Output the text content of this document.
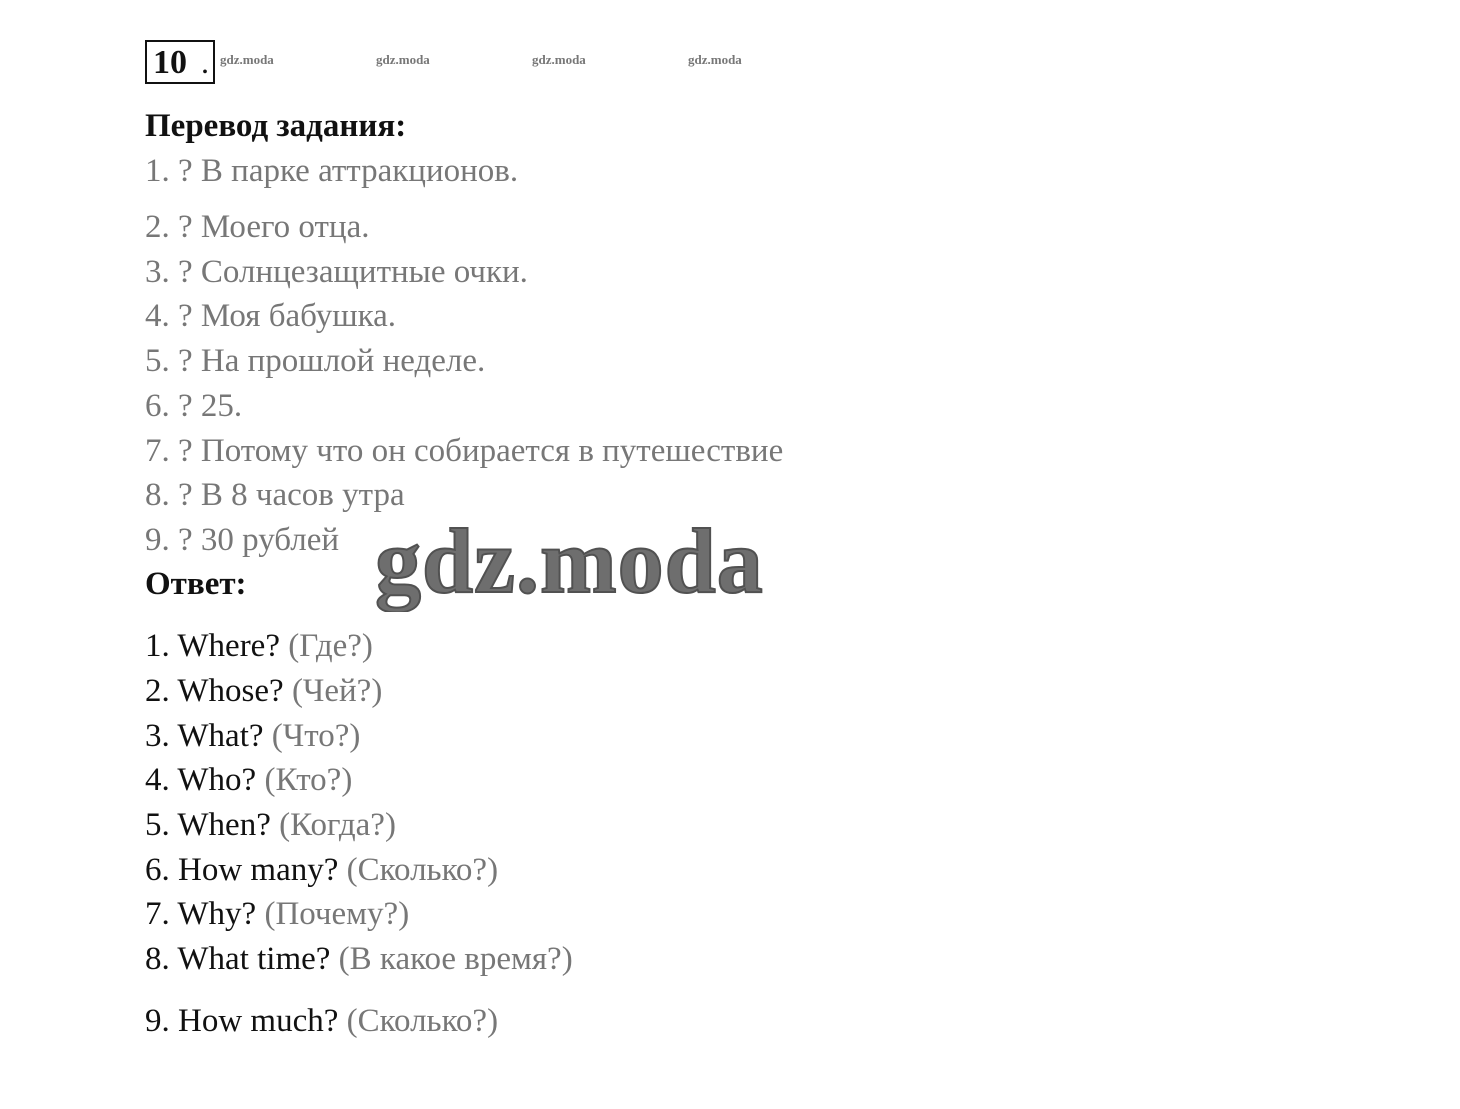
10 . gdz.moda	gdz.moda	gdz.moda	gdz.moda
Перевод задания:
1. ? В парке аттракционов.
2. ? Моего отца.
3. ? Солнцезащитные очки.
4. ? Моя бабушка.
5. ? На прошлой неделе.
6. ? 25.
7. ? Потому что он собирается в путешествие
8. ? В 8 часов утра
9. ? 30 рублей
Ответ:
1. Where? (Где?)
2. Whose? (Чей?)
3. What? (Что?)
4. Who? (Кто?)
5. When? (Когда?)
6. How many? (Сколько?)
7. Why? (Почему?)
8. What time? (В какое время?)
9. How much? (Сколько?)
gdz.moda
